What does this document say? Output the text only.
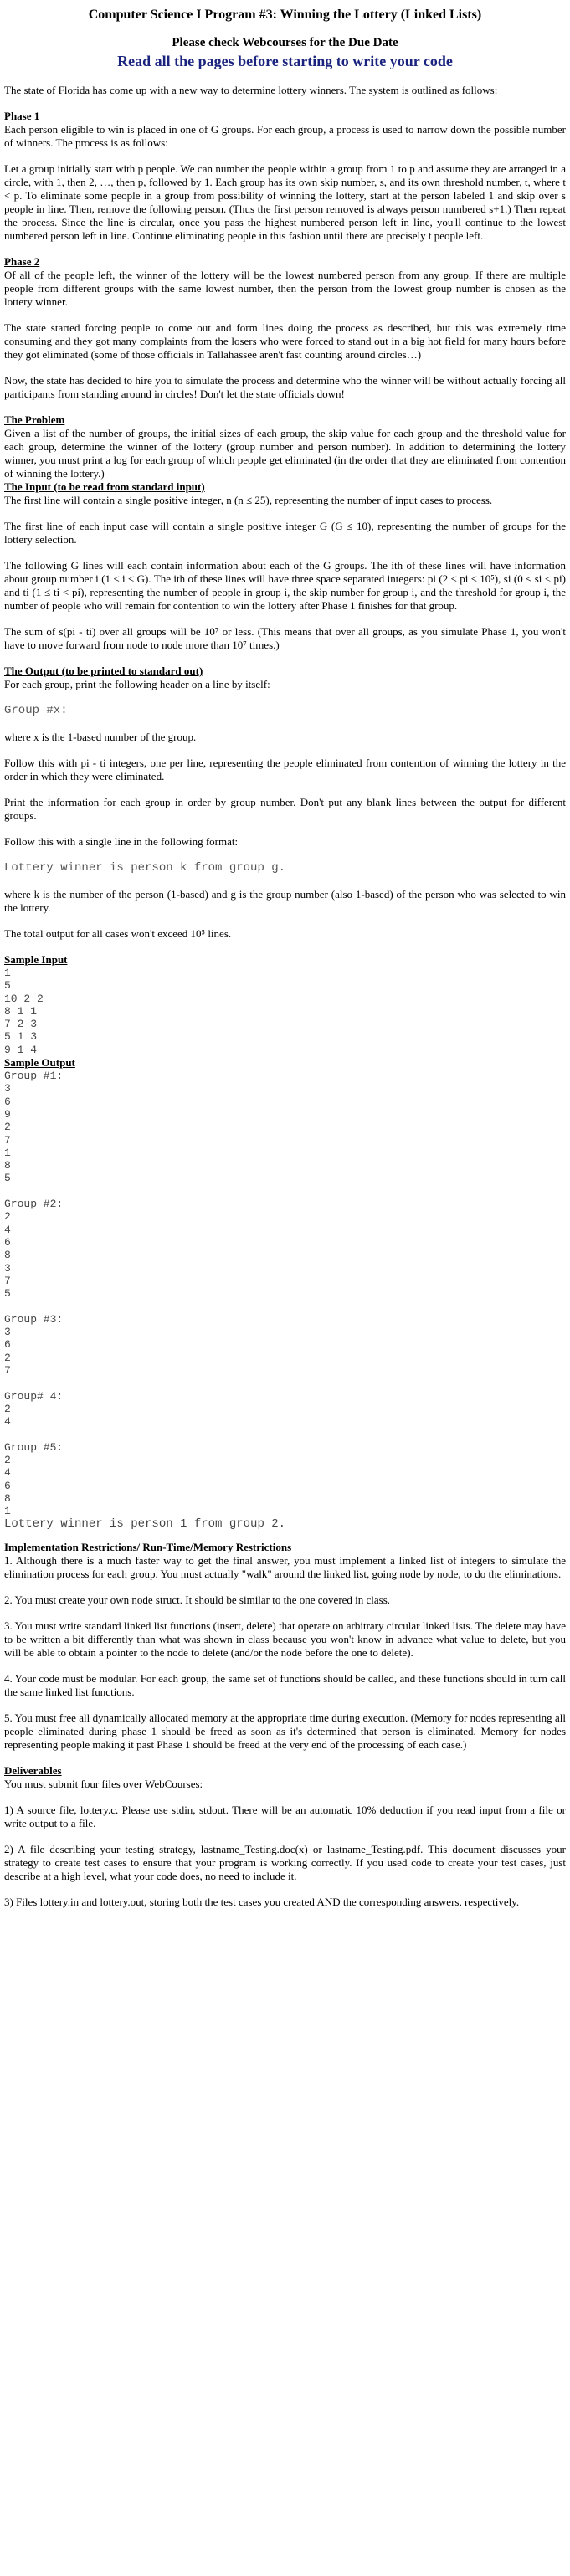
Computer Science I Program #3: Winning the Lottery (Linked Lists)
Please check Webcourses for the Due Date
Read all the pages before starting to write your code

The state of Florida has come up with a new way to determine lottery winners. The system is outlined as follows:

Phase 1

Each person eligible to win is placed in one of G groups. For each group, a process is used to narrow down the possible number of winners. The process is as follows:

Let a group initially start with p people. We can number the people within a group from 1 to p and assume they are arranged in a circle, with 1, then 2, …, then p, followed by 1. Each group has its own skip number, s, and its own threshold number, t, where t < p. To eliminate some people in a group from possibility of winning the lottery, start at the person labeled 1 and skip over s people in line. Then, remove the following person. (Thus the first person removed is always person numbered s+1.) Then repeat the process. Since the line is circular, once you pass the highest numbered person left in line, you'll continue to the lowest numbered person left in line. Continue eliminating people in this fashion until there are precisely t people left.

Phase 2

Of all of the people left, the winner of the lottery will be the lowest numbered person from any group. If there are multiple people from different groups with the same lowest number, then the person from the lowest group number is chosen as the lottery winner.

The state started forcing people to come out and form lines doing the process as described, but this was extremely time consuming and they got many complaints from the losers who were forced to stand out in a big hot field for many hours before they got eliminated (some of those officials in Tallahassee aren't fast counting around circles…)

Now, the state has decided to hire you to simulate the process and determine who the winner will be without actually forcing all participants from standing around in circles! Don't let the state officials down!

The Problem

Given a list of the number of groups, the initial sizes of each group, the skip value for each group and the threshold value for each group, determine the winner of the lottery (group number and person number). In addition to determining the lottery winner, you must print a log for each group of which people get eliminated (in the order that they are eliminated from contention of winning the lottery.)

The Input (to be read from standard input)

The first line will contain a single positive integer, n (n ≤ 25), representing the number of input cases to process.

The first line of each input case will contain a single positive integer G (G ≤ 10), representing the number of groups for the lottery selection.

The following G lines will each contain information about each of the G groups. The ith of these lines will have information about group number i (1 ≤ i ≤ G). The ith of these lines will have three space separated integers: pi (2 ≤ pi ≤ 10⁵), si (0 ≤ si < pi) and ti (1 ≤ ti < pi), representing the number of people in group i, the skip number for group i, and the threshold for group i, the number of people who will remain for contention to win the lottery after Phase 1 finishes for that group.

The sum of s(pi - ti) over all groups will be 10⁷ or less. (This means that over all groups, as you simulate Phase 1, you won't have to move forward from node to node more than 10⁷ times.)

The Output (to be printed to standard out)

For each group, print the following header on a line by itself:

Group #x:

where x is the 1-based number of the group.

Follow this with pi - ti integers, one per line, representing the people eliminated from contention of winning the lottery in the order in which they were eliminated.

Print the information for each group in order by group number. Don't put any blank lines between the output for different groups.

Follow this with a single line in the following format:

Lottery winner is person k from group g.

where k is the number of the person (1-based) and g is the group number (also 1-based) of the person who was selected to win the lottery.

The total output for all cases won't exceed 10⁵ lines.

Sample Input
1
5
10 2 2
8 1 1
7 2 3
5 1 3
9 1 4
Sample Output
Group #1:
3
6
9
2
7
1
8
5

Group #2:
2
4
6
8
3
7
5

Group #3:
3
6
2
7

Group# 4:
2
4

Group #5:
2
4
6
8
1
Lottery winner is person 1 from group 2.
Implementation Restrictions/ Run-Time/Memory Restrictions

1. Although there is a much faster way to get the final answer, you must implement a linked list of integers to simulate the elimination process for each group. You must actually "walk" around the linked list, going node by node, to do the eliminations.

2. You must create your own node struct. It should be similar to the one covered in class.

3. You must write standard linked list functions (insert, delete) that operate on arbitrary circular linked lists. The delete may have to be written a bit differently than what was shown in class because you won't know in advance what value to delete, but you will be able to obtain a pointer to the node to delete (and/or the node before the one to delete).

4. Your code must be modular. For each group, the same set of functions should be called, and these functions should in turn call the same linked list functions.

5. You must free all dynamically allocated memory at the appropriate time during execution. (Memory for nodes representing all people eliminated during phase 1 should be freed as soon as it's determined that person is eliminated. Memory for nodes representing people making it past Phase 1 should be freed at the very end of the processing of each case.)

Deliverables

You must submit four files over WebCourses:

1) A source file, lottery.c. Please use stdin, stdout. There will be an automatic 10% deduction if you read input from a file or write output to a file.

2) A file describing your testing strategy, lastname_Testing.doc(x) or lastname_Testing.pdf. This document discusses your strategy to create test cases to ensure that your program is working correctly. If you used code to create your test cases, just describe at a high level, what your code does, no need to include it.

3) Files lottery.in and lottery.out, storing both the test cases you created AND the corresponding answers, respectively.
